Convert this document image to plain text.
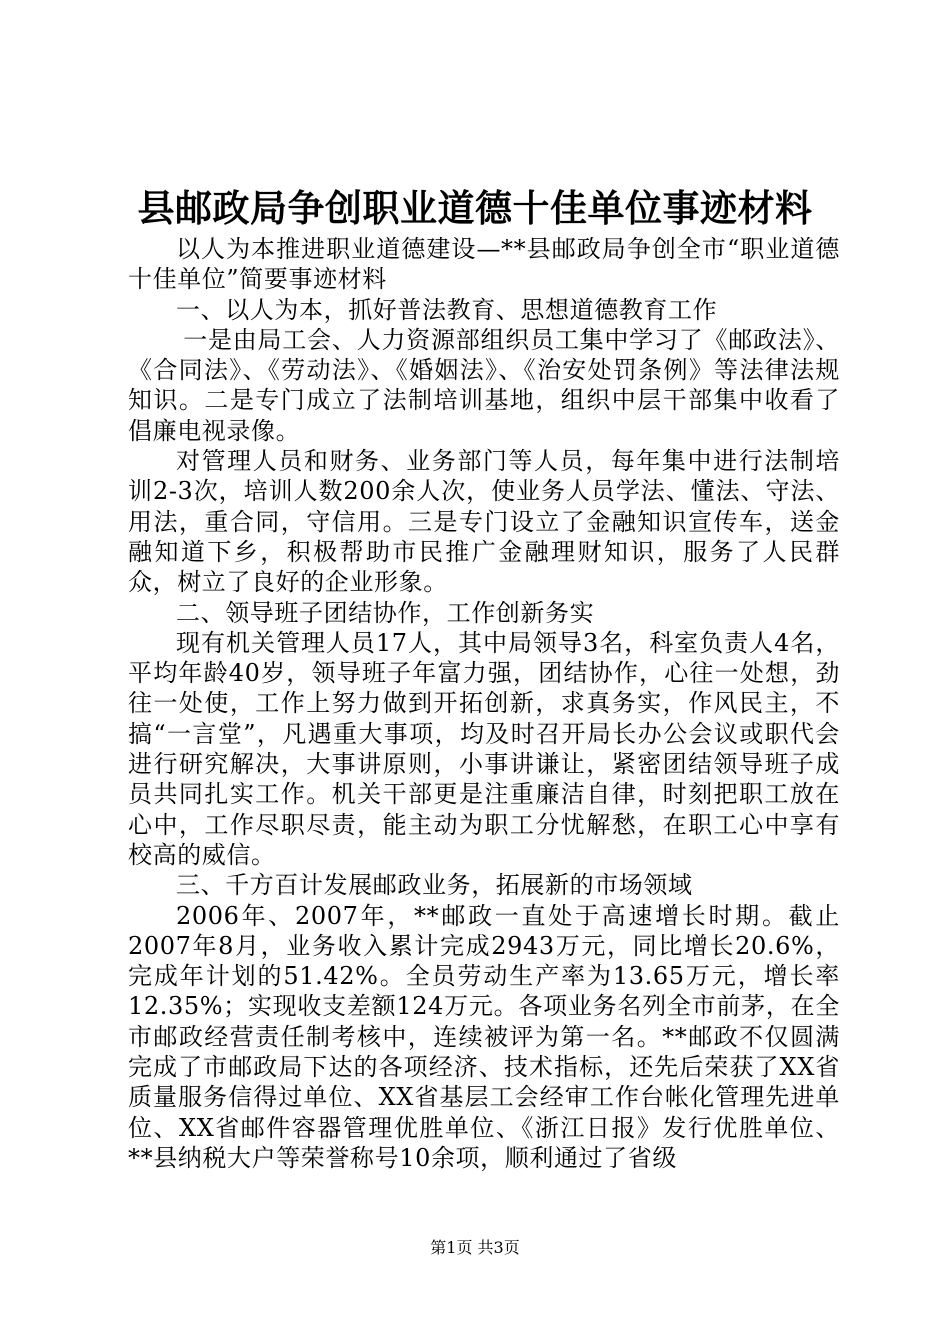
县邮政局争创职业道德十佳单位事迹材料

以人为本推进职业道德建设—**县邮政局争创全市“职业道德十佳单位”简要事迹材料

一、以人为本，抓好普法教育、思想道德教育工作

一是由局工会、人力资源部组织员工集中学习了《邮政法》、《合同法》、《劳动法》、《婚姻法》、《治安处罚条例》等法律法规知识。二是专门成立了法制培训基地，组织中层干部集中收看了倡廉电视录像。

对管理人员和财务、业务部门等人员，每年集中进行法制培训2-3次，培训人数200余人次，使业务人员学法、懂法、守法、用法，重合同，守信用。三是专门设立了金融知识宣传车，送金融知道下乡，积极帮助市民推广金融理财知识，服务了人民群众，树立了良好的企业形象。

二、领导班子团结协作，工作创新务实

现有机关管理人员17人，其中局领导3名，科室负责人4名，平均年龄40岁，领导班子年富力强，团结协作，心往一处想，劲往一处使，工作上努力做到开拓创新，求真务实，作风民主，不搞“一言堂”，凡遇重大事项，均及时召开局长办公会议或职代会进行研究解决，大事讲原则，小事讲谦让，紧密团结领导班子成员共同扎实工作。机关干部更是注重廉洁自律，时刻把职工放在心中，工作尽职尽责，能主动为职工分忧解愁，在职工心中享有校高的威信。

三、千方百计发展邮政业务，拓展新的市场领域

2006年、2007年，**邮政一直处于高速增长时期。截止2007年8月，业务收入累计完成2943万元，同比增长20.6%，完成年计划的51.42%。全员劳动生产率为13.65万元，增长率12.35%；实现收支差额124万元。各项业务名列全市前茅，在全市邮政经营责任制考核中，连续被评为第一名。**邮政不仅圆满完成了市邮政局下达的各项经济、技术指标，还先后荣获了XX省质量服务信得过单位、XX省基层工会经审工作台帐化管理先进单位、XX省邮件容器管理优胜单位、《浙江日报》发行优胜单位、**县纳税大户等荣誉称号10余项，顺利通过了省级

第1页 共3页
